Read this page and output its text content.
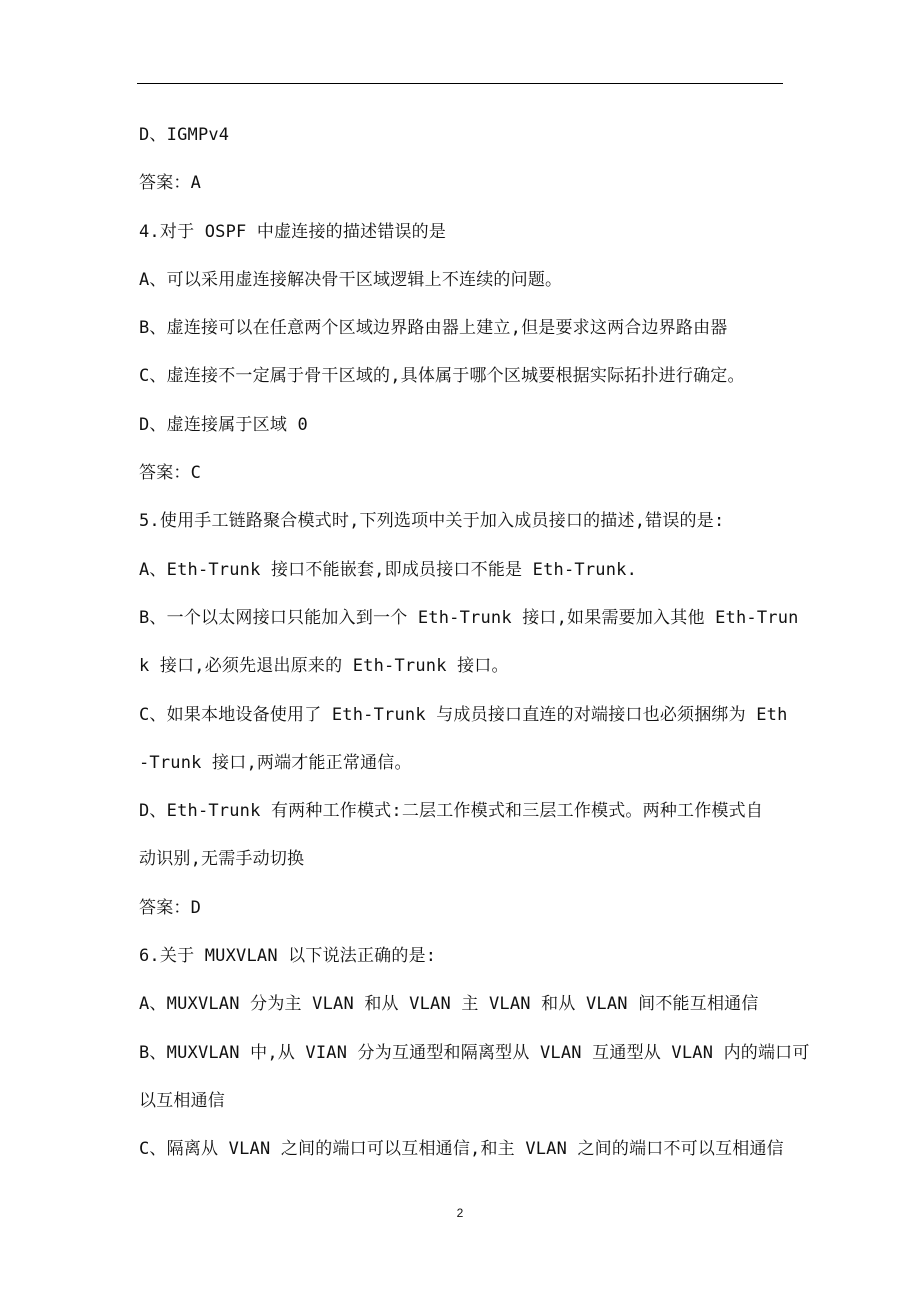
D、IGMPv4
答案：A
4.对于 OSPF 中虚连接的描述错误的是
A、可以采用虚连接解决骨干区域逻辑上不连续的问题。
B、虚连接可以在任意两个区域边界路由器上建立,但是要求这两合边界路由器
C、虚连接不一定属于骨干区域的,具体属于哪个区城要根据实际拓扑进行确定。
D、虚连接属于区域 0
答案：C
5.使用手工链路聚合模式时,下列选项中关于加入成员接口的描述,错误的是:
A、Eth-Trunk 接口不能嵌套,即成员接口不能是 Eth-Trunk.
B、一个以太网接口只能加入到一个 Eth-Trunk 接口,如果需要加入其他 Eth-Trun
k 接口,必须先退出原来的 Eth-Trunk 接口。
C、如果本地设备使用了 Eth-Trunk 与成员接口直连的对端接口也必须捆绑为 Eth
-Trunk 接口,两端才能正常通信。
D、Eth-Trunk 有两种工作模式:二层工作模式和三层工作模式。两种工作模式自
动识别,无需手动切换
答案：D
6.关于 MUXVLAN 以下说法正确的是:
A、MUXVLAN 分为主 VLAN 和从 VLAN 主 VLAN 和从 VLAN 间不能互相通信
B、MUXVLAN 中,从 VIAN 分为互通型和隔离型从 VLAN 互通型从 VLAN 内的端口可
以互相通信
C、隔离从 VLAN 之间的端口可以互相通信,和主 VLAN 之间的端口不可以互相通信
2
